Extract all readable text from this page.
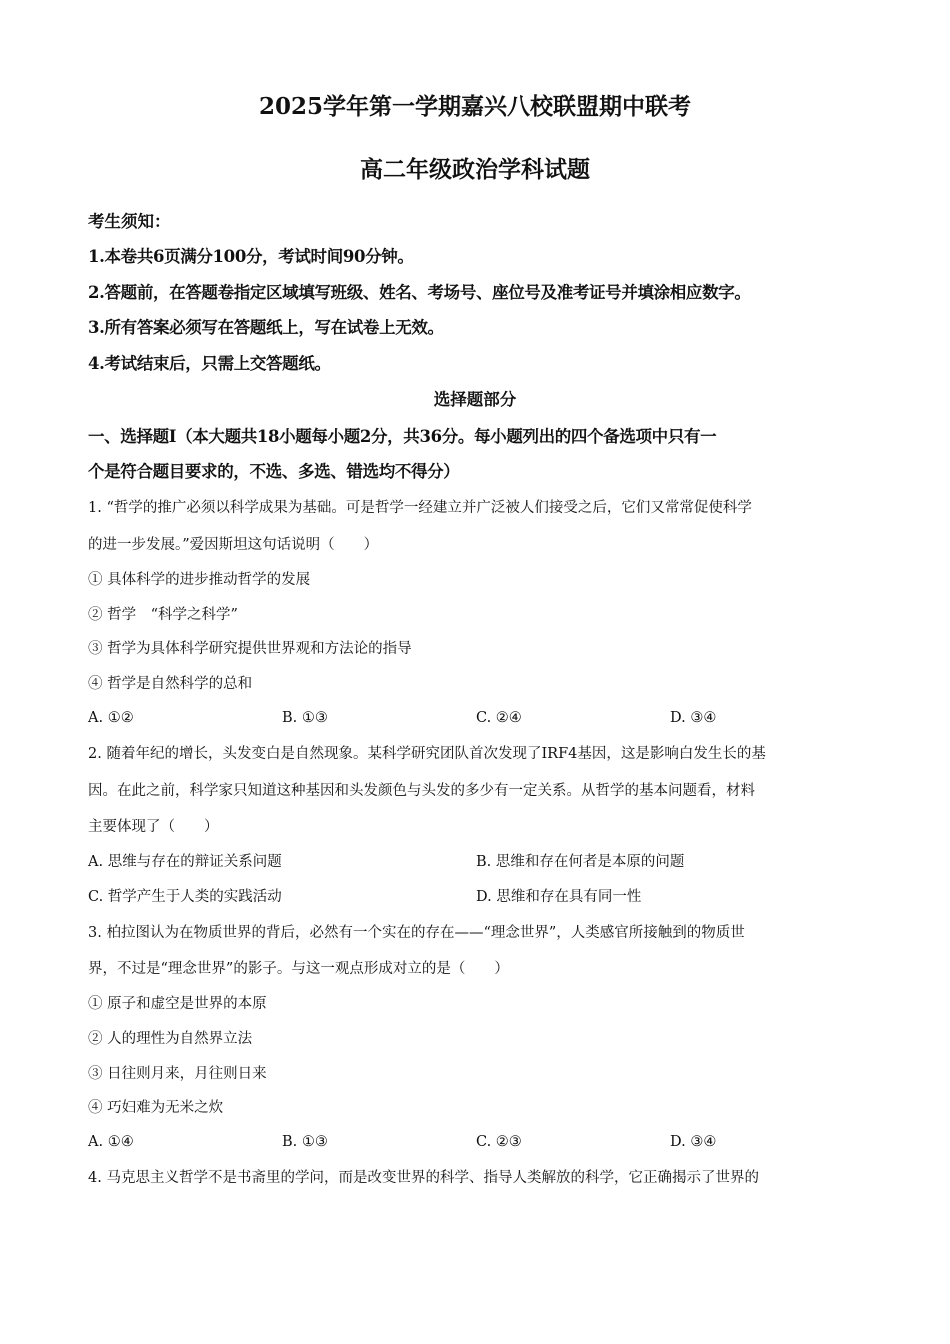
2025学年第一学期嘉兴八校联盟期中联考
高二年级政治学科试题
考生须知：
1.本卷共6页满分100分，考试时间90分钟。
2.答题前，在答题卷指定区域填写班级、姓名、考场号、座位号及准考证号并填涂相应数字。
3.所有答案必须写在答题纸上，写在试卷上无效。
4.考试结束后，只需上交答题纸。
选择题部分
一、选择题Ⅰ（本大题共18小题每小题2分，共36分。每小题列出的四个备选项中只有一
个是符合题目要求的，不选、多选、错选均不得分）
1. “哲学的推广必须以科学成果为基础。可是哲学一经建立并广泛被人们接受之后，它们又常常促使科学
的进一步发展。”爱因斯坦这句话说明（　　）
① 具体科学的进步推动哲学的发展
② 哲学　“科学之科学”
③ 哲学为具体科学研究提供世界观和方法论的指导
④ 哲学是自然科学的总和
A. ①②	B. ①③	C. ②④	D. ③④
2. 随着年纪的增长，头发变白是自然现象。某科学研究团队首次发现了IRF4基因，这是影响白发生长的基
因。在此之前，科学家只知道这种基因和头发颜色与头发的多少有一定关系。从哲学的基本问题看，材料
主要体现了（　　）
A. 思维与存在的辩证关系问题	B. 思维和存在何者是本原的问题
C. 哲学产生于人类的实践活动	D. 思维和存在具有同一性
3. 柏拉图认为在物质世界的背后，必然有一个实在的存在——“理念世界”，人类感官所接触到的物质世
界，不过是“理念世界”的影子。与这一观点形成对立的是（　　）
① 原子和虚空是世界的本原
② 人的理性为自然界立法
③ 日往则月来，月往则日来
④ 巧妇难为无米之炊
A. ①④	B. ①③	C. ②③	D. ③④
4. 马克思主义哲学不是书斋里的学问，而是改变世界的科学、指导人类解放的科学，它正确揭示了世界的
